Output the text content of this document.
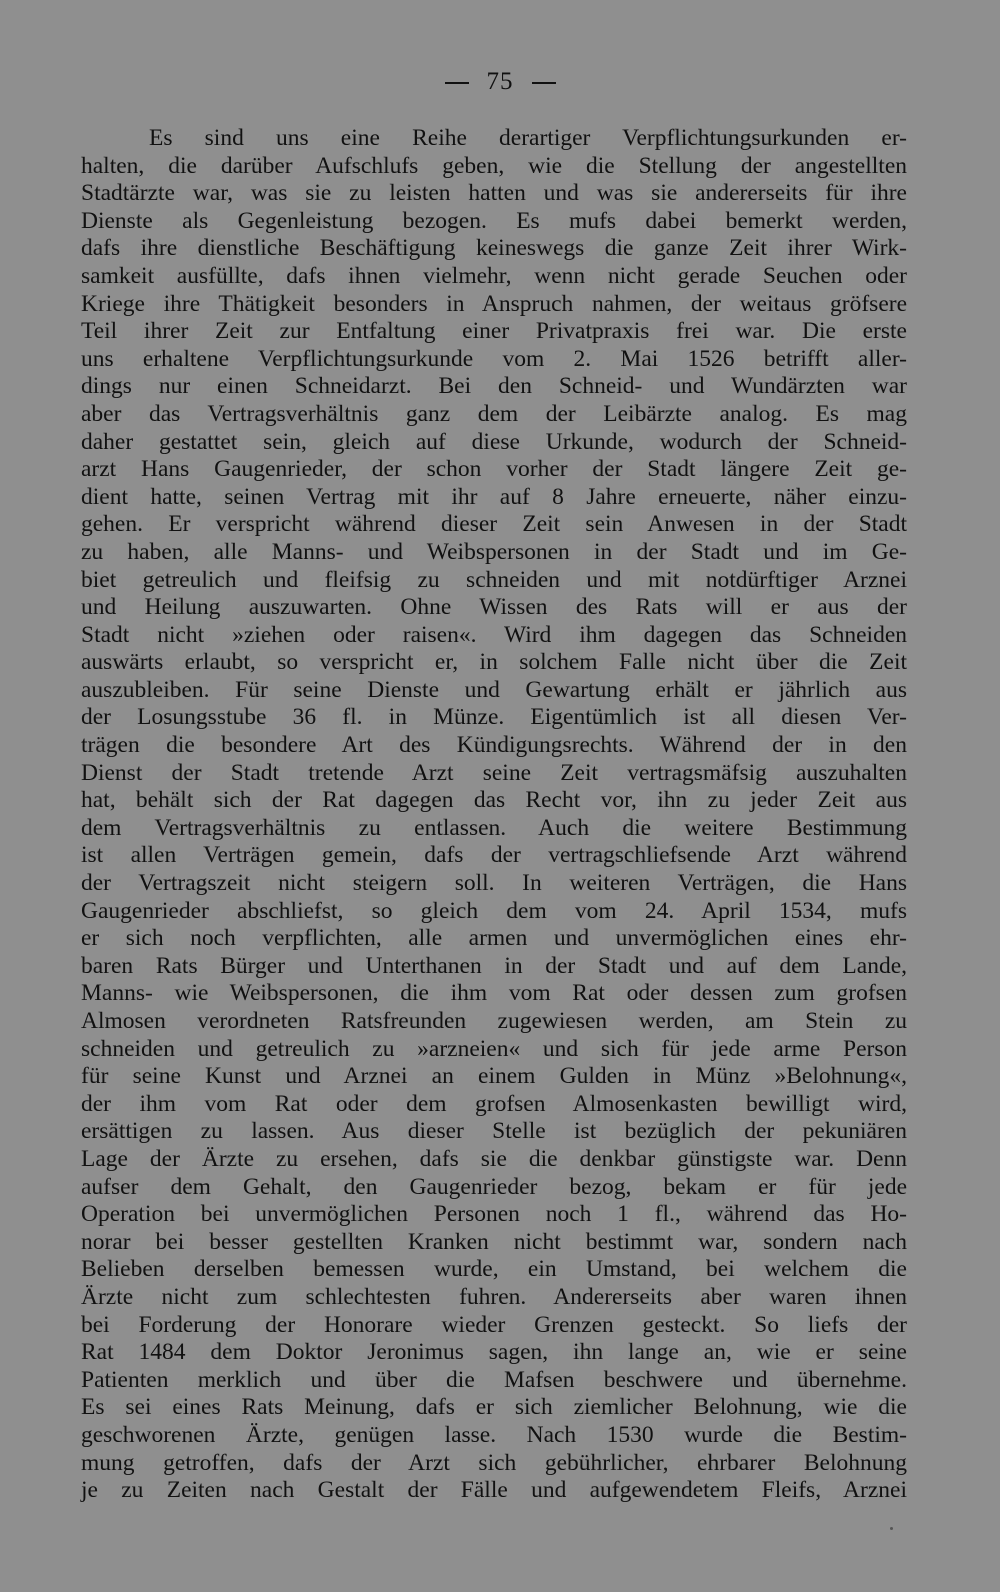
75
Es sind uns eine Reihe derartiger Verpflichtungsurkunden er-
halten, die darüber Aufschlufs geben, wie die Stellung der angestellten
Stadtärzte war, was sie zu leisten hatten und was sie andererseits für ihre
Dienste als Gegenleistung bezogen. Es mufs dabei bemerkt werden,
dafs ihre dienstliche Beschäftigung keineswegs die ganze Zeit ihrer Wirk-
samkeit ausfüllte, dafs ihnen vielmehr, wenn nicht gerade Seuchen oder
Kriege ihre Thätigkeit besonders in Anspruch nahmen, der weitaus gröfsere
Teil ihrer Zeit zur Entfaltung einer Privatpraxis frei war. Die erste
uns erhaltene Verpflichtungsurkunde vom 2. Mai 1526 betrifft aller-
dings nur einen Schneidarzt. Bei den Schneid- und Wundärzten war
aber das Vertragsverhältnis ganz dem der Leibärzte analog. Es mag
daher gestattet sein, gleich auf diese Urkunde, wodurch der Schneid-
arzt Hans Gaugenrieder, der schon vorher der Stadt längere Zeit ge-
dient hatte, seinen Vertrag mit ihr auf 8 Jahre erneuerte, näher einzu-
gehen. Er verspricht während dieser Zeit sein Anwesen in der Stadt
zu haben, alle Manns- und Weibspersonen in der Stadt und im Ge-
biet getreulich und fleifsig zu schneiden und mit notdürftiger Arznei
und Heilung auszuwarten. Ohne Wissen des Rats will er aus der
Stadt nicht »ziehen oder raisen«. Wird ihm dagegen das Schneiden
auswärts erlaubt, so verspricht er, in solchem Falle nicht über die Zeit
auszubleiben. Für seine Dienste und Gewartung erhält er jährlich aus
der Losungsstube 36 fl. in Münze. Eigentümlich ist all diesen Ver-
trägen die besondere Art des Kündigungsrechts. Während der in den
Dienst der Stadt tretende Arzt seine Zeit vertragsmäfsig auszuhalten
hat, behält sich der Rat dagegen das Recht vor, ihn zu jeder Zeit aus
dem Vertragsverhältnis zu entlassen. Auch die weitere Bestimmung
ist allen Verträgen gemein, dafs der vertragschliefsende Arzt während
der Vertragszeit nicht steigern soll. In weiteren Verträgen, die Hans
Gaugenrieder abschliefst, so gleich dem vom 24. April 1534, mufs
er sich noch verpflichten, alle armen und unvermöglichen eines ehr-
baren Rats Bürger und Unterthanen in der Stadt und auf dem Lande,
Manns- wie Weibspersonen, die ihm vom Rat oder dessen zum grofsen
Almosen verordneten Ratsfreunden zugewiesen werden, am Stein zu
schneiden und getreulich zu »arzneien« und sich für jede arme Person
für seine Kunst und Arznei an einem Gulden in Münz »Belohnung«,
der ihm vom Rat oder dem grofsen Almosenkasten bewilligt wird,
ersättigen zu lassen. Aus dieser Stelle ist bezüglich der pekuniären
Lage der Ärzte zu ersehen, dafs sie die denkbar günstigste war. Denn
aufser dem Gehalt, den Gaugenrieder bezog, bekam er für jede
Operation bei unvermöglichen Personen noch 1 fl., während das Ho-
norar bei besser gestellten Kranken nicht bestimmt war, sondern nach
Belieben derselben bemessen wurde, ein Umstand, bei welchem die
Ärzte nicht zum schlechtesten fuhren. Andererseits aber waren ihnen
bei Forderung der Honorare wieder Grenzen gesteckt. So liefs der
Rat 1484 dem Doktor Jeronimus sagen, ihn lange an, wie er seine
Patienten merklich und über die Mafsen beschwere und übernehme.
Es sei eines Rats Meinung, dafs er sich ziemlicher Belohnung, wie die
geschworenen Ärzte, genügen lasse. Nach 1530 wurde die Bestim-
mung getroffen, dafs der Arzt sich gebührlicher, ehrbarer Belohnung
je zu Zeiten nach Gestalt der Fälle und aufgewendetem Fleifs, Arznei
